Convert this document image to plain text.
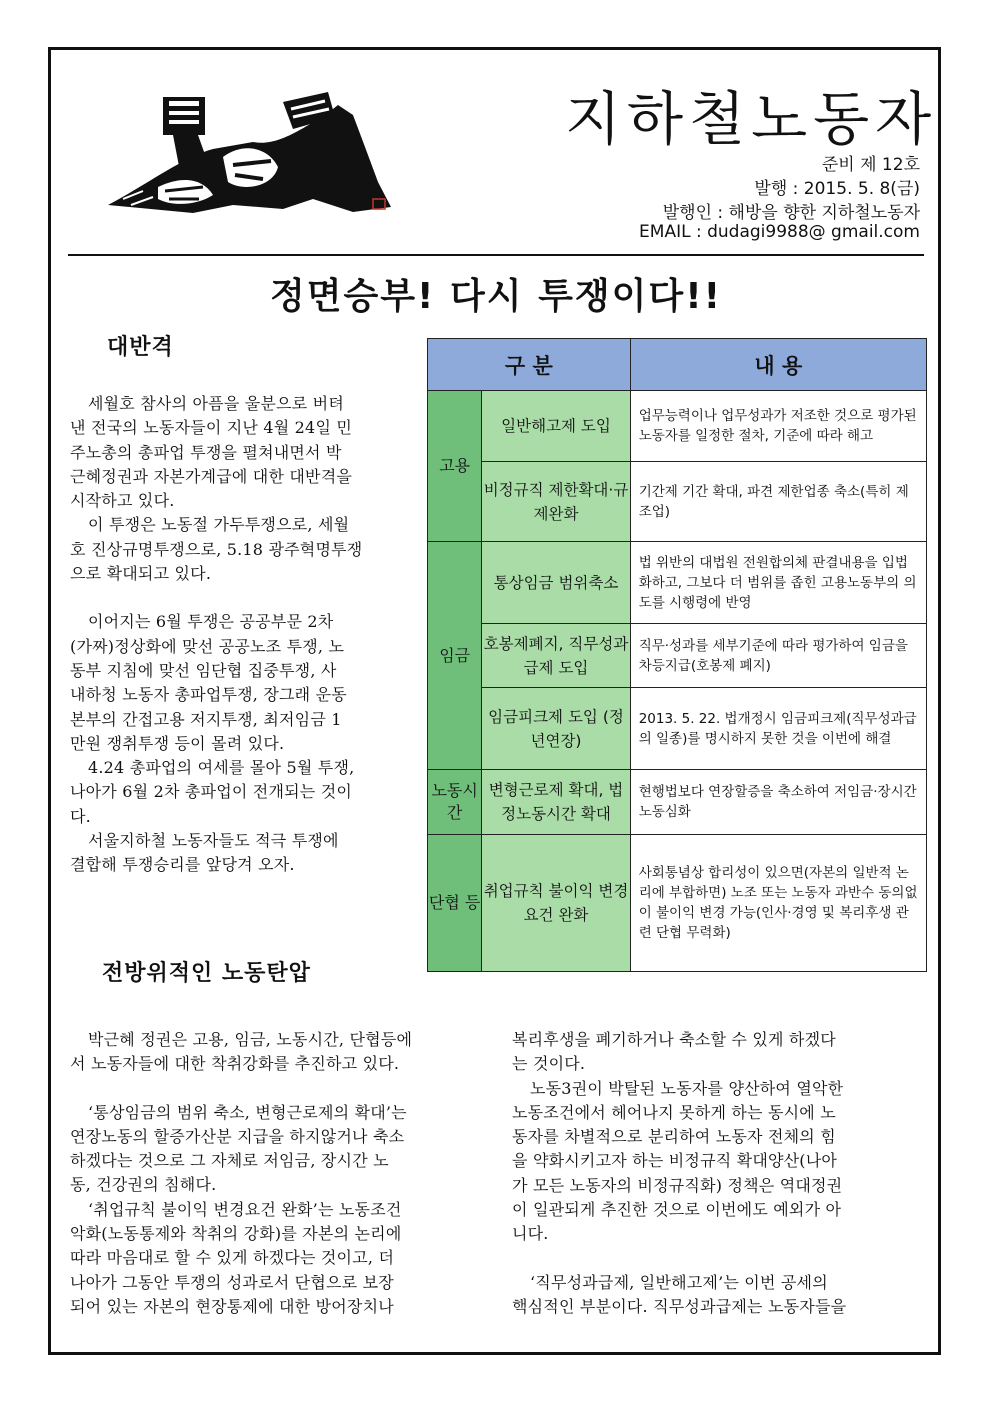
지하철노동자
준비 제 12호
발행 : 2015. 5. 8(금)
발행인 : 해방을 향한 지하철노동자
EMAIL : dudagi9988@ gmail.com
정면승부! 다시 투쟁이다!!
대반격

세월호 참사의 아픔을 울분으로 버텨

낸 전국의 노동자들이 지난 4월 24일 민

주노총의 총파업 투쟁을 펼쳐내면서 박

근혜정권과 자본가계급에 대한 대반격을

시작하고 있다.

이 투쟁은 노동절 가두투쟁으로, 세월

호 진상규명투쟁으로, 5.18 광주혁명투쟁

으로 확대되고 있다.

이어지는 6월 투쟁은 공공부문 2차

(가짜)정상화에 맞선 공공노조 투쟁, 노

동부 지침에 맞선 임단협 집중투쟁, 사

내하청 노동자 총파업투쟁, 장그래 운동

본부의 간접고용 저지투쟁, 최저임금 1

만원 쟁취투쟁 등이 몰려 있다.

4.24 총파업의 여세를 몰아 5월 투쟁,

나아가 6월 2차 총파업이 전개되는 것이

다.

서울지하철 노동자들도 적극 투쟁에

결합해 투쟁승리를 앞당겨 오자.

구 분		내 용
고용	일반해고제 도입	업무능력이나 업무성과가 저조한 것으로 평가된 노동자를 일정한 절차, 기준에 따라 해고
	비정규직 제한확대·규제완화	기간제 기간 확대, 파견 제한업종 축소(특히 제조업)
임금	통상임금 범위축소	법 위반의 대법원 전원합의체 판결내용을 입법화하고, 그보다 더 범위를 좁힌 고용노동부의 의도를 시행령에 반영
	호봉제폐지, 직무성과급제 도입	직무·성과를 세부기준에 따라 평가하여 임금을 차등지급(호봉제 폐지)
	임금피크제 도입 (정년연장)	2013. 5. 22. 법개정시 임금피크제(직무성과급의 일종)를 명시하지 못한 것을 이번에 해결
노동시간	변형근로제 확대, 법정노동시간 확대	현행법보다 연장할증을 축소하여 저임금·장시간 노동심화
단협 등	취업규칙 불이익 변경요건 완화	사회통념상 합리성이 있으면(자본의 일반적 논리에 부합하면) 노조 또는 노동자 과반수 동의없이 불이익 변경 가능(인사·경영 및 복리후생 관련 단협 무력화)
전방위적인 노동탄압

박근혜 정권은 고용, 임금, 노동시간, 단협등에

서 노동자들에 대한 착취강화를 추진하고 있다.

‘통상임금의 범위 축소, 변형근로제의 확대’는

연장노동의 할증가산분 지급을 하지않거나 축소

하겠다는 것으로 그 자체로 저임금, 장시간 노

동, 건강권의 침해다.

‘취업규칙 불이익 변경요건 완화’는 노동조건

악화(노동통제와 착취의 강화)를 자본의 논리에

따라 마음대로 할 수 있게 하겠다는 것이고, 더

나아가 그동안 투쟁의 성과로서 단협으로 보장

되어 있는 자본의 현장통제에 대한 방어장치나

복리후생을 폐기하거나 축소할 수 있게 하겠다

는 것이다.

노동3권이 박탈된 노동자를 양산하여 열악한

노동조건에서 헤어나지 못하게 하는 동시에 노

동자를 차별적으로 분리하여 노동자 전체의 힘

을 약화시키고자 하는 비정규직 확대양산(나아

가 모든 노동자의 비정규직화) 정책은 역대정권

이 일관되게 추진한 것으로 이번에도 예외가 아

니다.

‘직무성과급제, 일반해고제’는 이번 공세의

핵심적인 부분이다. 직무성과급제는 노동자들을
